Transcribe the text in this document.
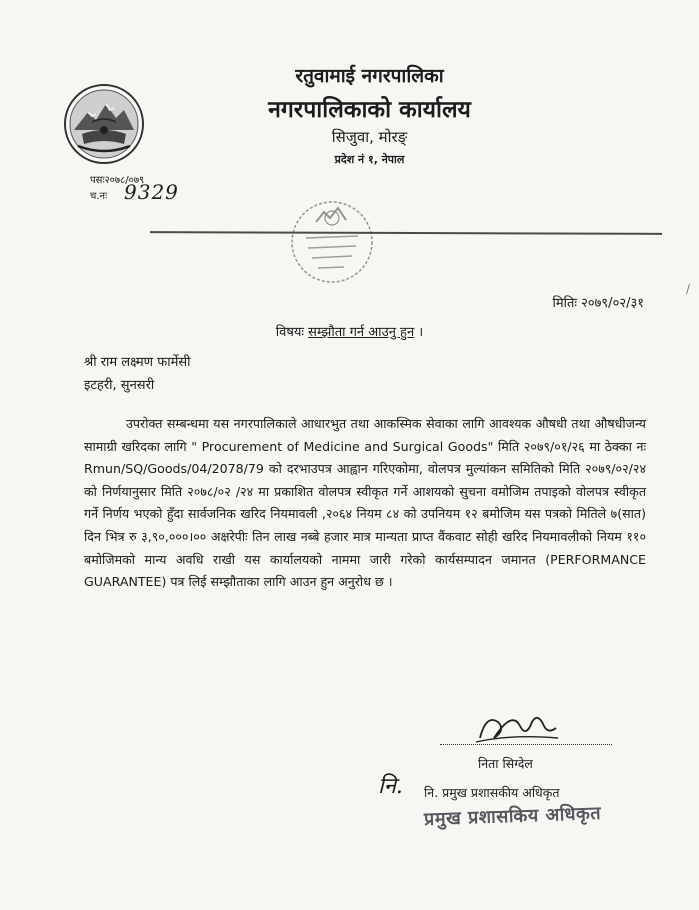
रतुवामाई नगरपालिका
नगरपालिकाको कार्यालय
सिजुवा, मोरङ्
प्रदेश नं १, नेपाल
पसः२०७८/०७९
च.नः 9329
/
मितिः २०७९/०२/३१
विषयः सम्झौता गर्न आउनु हुन ।
श्री राम लक्ष्मण फार्मेसी
इटहरी, सुनसरी

उपरोक्त सम्बन्धमा यस नगरपालिकाले आधारभुत तथा आकस्मिक सेवाका लागि आवश्यक औषधी तथा औषधीजन्य सामाग्री खरिदका लागि " Procurement of Medicine and Surgical Goods" मिति २०७९/०१/२६ मा ठेक्का नः Rmun/SQ/Goods/04/2078/79 को दरभाउपत्र आह्वान गरिएकोमा, वोलपत्र मुल्यांकन समितिको मिति २०७९/०२/२४ को निर्णयानुसार मिति २०७८/०२ /२४ मा प्रकाशित वोलपत्र स्वीकृत गर्ने आशयको सुचना वमोजिम तपाइको वोलपत्र स्वीकृत गर्ने निर्णय भएको हुँदा सार्वजनिक खरिद नियमावली ,२०६४ नियम ८४ को उपनियम १२ बमोजिम यस पत्रको मितिले ७(सात) दिन भित्र रु ३,९०,०००।०० अक्षरेपीः तिन लाख नब्बे हजार मात्र मान्यता प्राप्त वैंकवाट सोही खरिद नियमावलीको नियम ११० बमोजिमको मान्य अवधि राखी यस कार्यालयको नाममा जारी गरेको कार्यसम्पादन जमानत (PERFORMANCE GUARANTEE) पत्र लिई सम्झौताका लागि आउन हुन अनुरोध छ ।

निता सिग्देल
नि. नि. प्रमुख प्रशासकीय अधिकृत
प्रमुख प्रशासकिय अधिकृत
